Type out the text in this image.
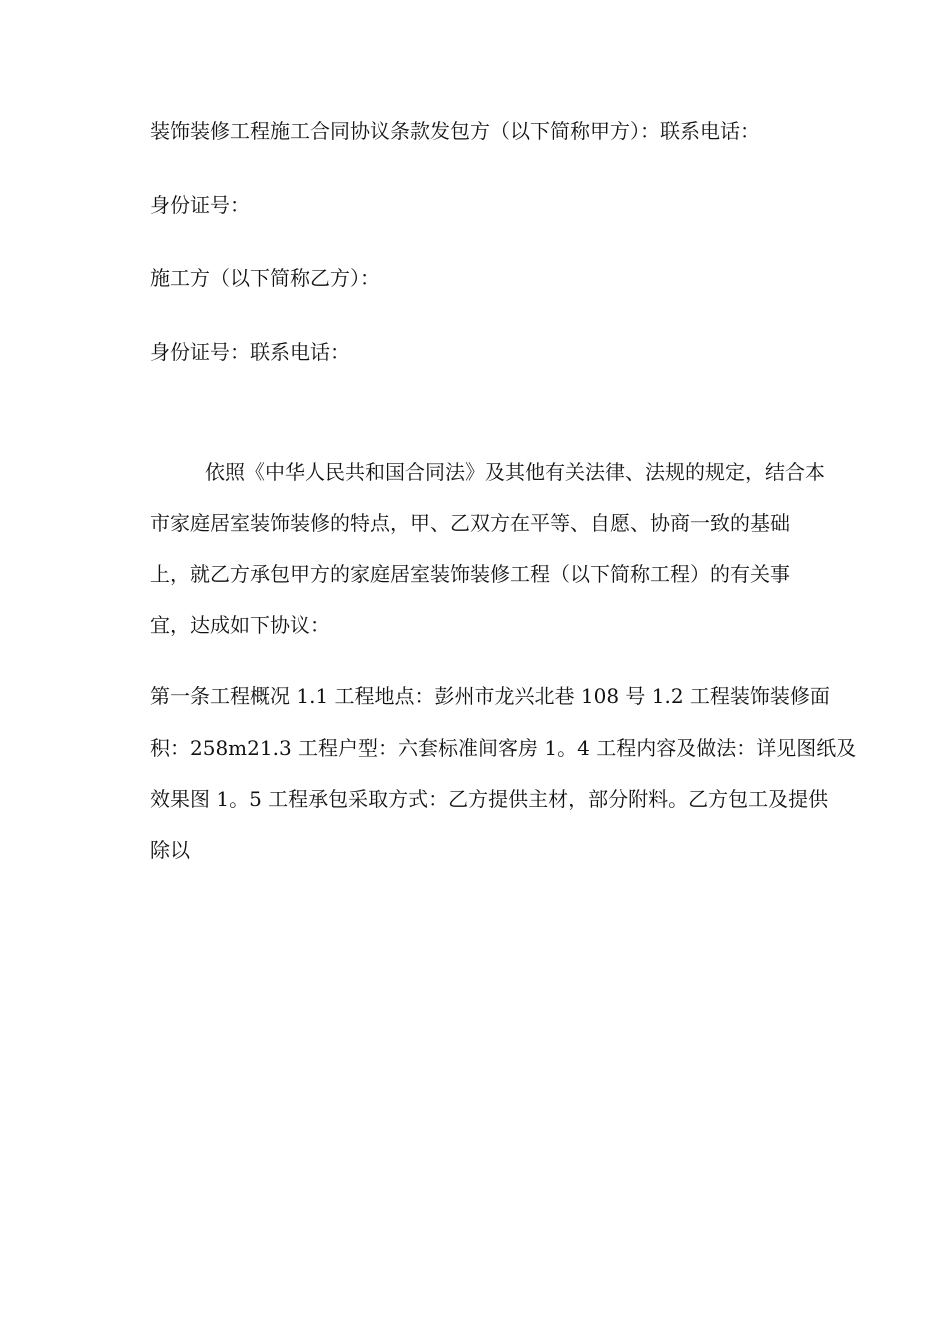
装饰装修工程施工合同协议条款发包方（以下简称甲方）：联系电话：
身份证号：
施工方（以下简称乙方）：
身份证号：联系电话：
依照《中华人民共和国合同法》及其他有关法律、法规的规定，结合本
市家庭居室装饰装修的特点，甲、乙双方在平等、自愿、协商一致的基础
上，就乙方承包甲方的家庭居室装饰装修工程（以下简称工程）的有关事
宜，达成如下协议：
第一条工程概况 1.1 工程地点：彭州市龙兴北巷 108 号 1.2 工程装饰装修面
积：258m21.3 工程户型：六套标准间客房 1。4 工程内容及做法：详见图纸及
效果图 1。5 工程承包采取方式：乙方提供主材，部分附料。乙方包工及提供
除以
